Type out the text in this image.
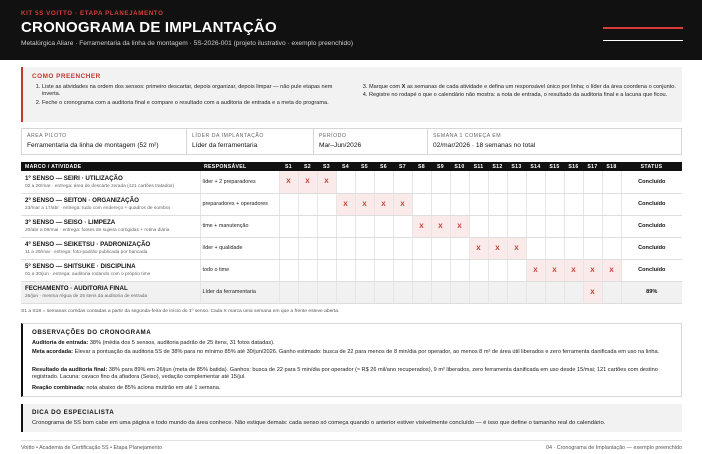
KIT 5S VOITTO · ETAPA PLANEJAMENTO
CRONOGRAMA DE IMPLANTAÇÃO
Metalúrgica Aliare · Ferramentaria da linha de montagem · 5S-2026-001 (projeto ilustrativo · exemplo preenchido)
COMO PREENCHER
1. Liste as atividades na ordem dos sensos: primeiro descartar, depois organizar, depois limpar — não pule etapas nem inverta.
2. Feche o cronograma com a auditoria final e compare o resultado com a auditoria de entrada e a meta do programa.
3. Marque com X as semanas de cada atividade e defina um responsável único por linha; o líder da área coordena o conjunto.
4. Registre no rodapé o que o calendário não mostra: a nota de entrada, o resultado da auditoria final e a lacuna que ficou.
ÁREA PILOTO
Ferramentaria da linha de montagem (52 m²)
LÍDER DA IMPLANTAÇÃO
Líder da ferramentaria
PERÍODO
Mar–Jun/2026
SEMANA 1 COMEÇA EM
02/mar/2026 · 18 semanas no total
MARCO / ATIVIDADE	RESPONSÁVEL	S1	S2	S3	S4	S5	S6	S7	S8	S9	S10	S11	S12	S13	S14	S15	S16	S17	S18	STATUS

1º SENSO — SEIRI · UTILIZAÇÃO
02 a 20/mar · entrega: área de descarte zerada (121 cartões tratados)	líder + 2 preparadores	X	X	X																Concluído

2º SENSO — SEITON · ORGANIZAÇÃO
23/mar a 17/abr · entrega: tudo com endereço + quadros de sombra	preparadores + operadores				X	X	X	X												Concluído

3º SENSO — SEISO · LIMPEZA
20/abr a 08/mai · entrega: fontes de sujeira corrigidas + rotina diária	time + manutenção								X	X	X									Concluído

4º SENSO — SEIKETSU · PADRONIZAÇÃO
11 a 29/mai · entrega: foto-padrão publicada por bancada	líder + qualidade											X	X	X						Concluído

5º SENSO — SHITSUKE · DISCIPLINA
01 a 30/jun · entrega: auditoria rodando com o próprio time	todo o time														X	X	X	X	X	Concluído

FECHAMENTO · AUDITORIA FINAL
26/jun · mesma régua de 25 itens da auditoria de entrada	Líder da ferramentaria																	X		89%
S1 a S18 = semanas corridas contadas a partir da segunda-feira de início do 1º senso. Cada X marca uma semana em que a frente esteve aberta.
OBSERVAÇÕES DO CRONOGRAMA
Auditoria de entrada: 38% (média dos 5 sensos, auditoria padrão de 25 itens, 31 fotos datadas).
Meta acordada: Elevar a pontuação da auditoria 5S de 38% para no mínimo 85% até 30/jun/2026. Ganho estimado: busca de 22 para menos de 8 min/dia por operador, ao menos 8 m² de área útil liberados e zero ferramenta danificada em uso na linha.
Resultado da auditoria final: 38% para 89% em 26/jun (meta de 85% batida). Ganhos: busca de 22 para 5 min/dia por operador (≈ R$ 26 mil/ano recuperados), 9 m² liberados, zero ferramenta danificada em uso desde 15/mai; 121 cartões com destino registrado. Lacuna: cavaco fino da afiadora (Seiso), vedação complementar até 15/jul.
Reação combinada: nota abaixo de 85% aciona mutirão em até 1 semana.
DICA DO ESPECIALISTA
Cronograma de 5S bom cabe em uma página e todo mundo da área conhece. Não estique demais: cada senso só começa quando o anterior estiver visivelmente concluído — é isso que define o tamanho real do calendário.
Voitto • Academia de Certificação 5S • Etapa Planejamento	04 · Cronograma de Implantação — exemplo preenchido
